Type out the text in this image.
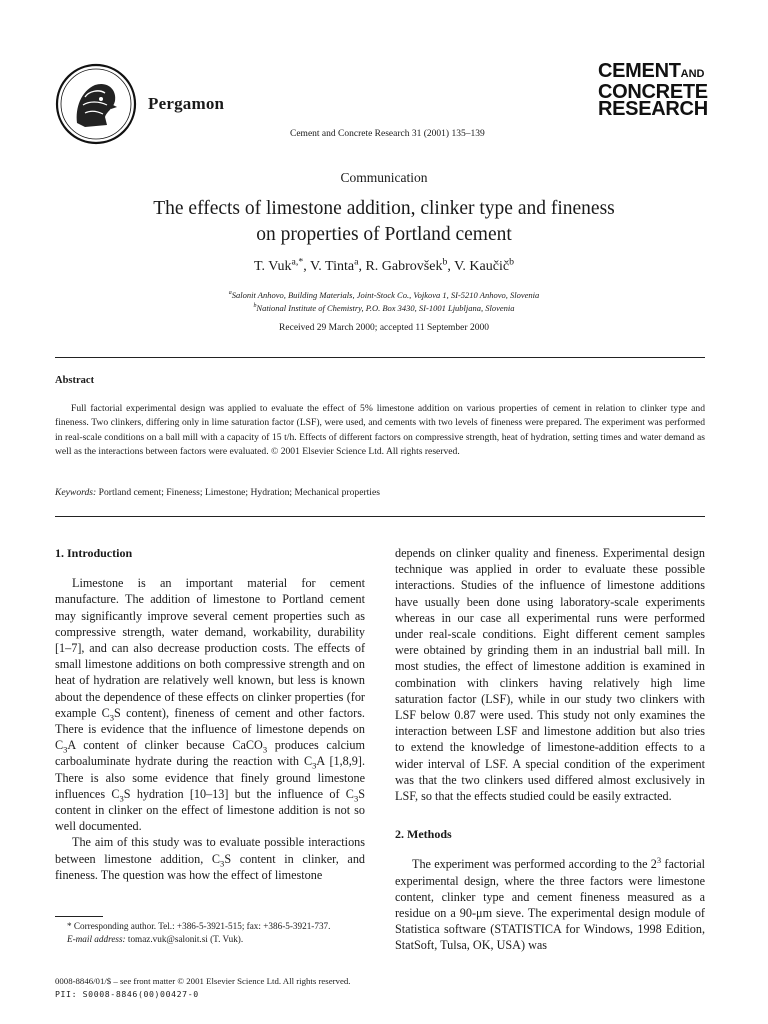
Pergamon
Cement and Concrete Research 31 (2001) 135–139
CEMENTAND
CONCRETE
RESEARCH
Communication
The effects of limestone addition, clinker type and fineness
on properties of Portland cement
T. Vuk$^{a,*}$, V. Tinta$^a$, R. Gabrovšek$^b$, V. Kaučič$^b$
$^a$Salonit Anhovo, Building Materials, Joint-Stock Co., Vojkova 1, SI-5210 Anhovo, Slovenia
$^b$National Institute of Chemistry, P.O. Box 3430, SI-1001 Ljubljana, Slovenia
Received 29 March 2000; accepted 11 September 2000
Abstract
Full factorial experimental design was applied to evaluate the effect of 5% limestone addition on various properties of cement in relation to clinker type and fineness. Two clinkers, differing only in lime saturation factor (LSF), were used, and cements with two levels of fineness were prepared. The experiment was performed in real-scale conditions on a ball mill with a capacity of 15 t/h. Effects of different factors on compressive strength, heat of hydration, setting times and water demand as well as the interactions between factors were evaluated. © 2001 Elsevier Science Ltd. All rights reserved.
Keywords: Portland cement; Fineness; Limestone; Hydration; Mechanical properties

1. Introduction

Limestone is an important material for cement manufacture. The addition of limestone to Portland cement may significantly improve several cement properties such as compressive strength, water demand, workability, durability [1–7], and can also decrease production costs. The effects of small limestone additions on both compressive strength and on heat of hydration are relatively well known, but less is known about the dependence of these effects on clinker properties (for example $C_3S$ content), fineness of cement and other factors. There is evidence that the influence of limestone depends on $C_3A$ content of clinker because CaCO$_3$ produces calcium carboaluminate hydrate during the reaction with $C_3A$ [1,8,9]. There is also some evidence that finely ground limestone influences $C_3S$ hydration [10–13] but the influence of $C_3S$ content in clinker on the effect of limestone addition is not so well documented.

The aim of this study was to evaluate possible interactions between limestone addition, $C_3S$ content in clinker, and fineness. The question was how the effect of limestone

depends on clinker quality and fineness. Experimental design technique was applied in order to evaluate these possible interactions. Studies of the influence of limestone additions have usually been done using laboratory-scale experiments whereas in our case all experimental runs were performed under real-scale conditions. Eight different cement samples were obtained by grinding them in an industrial ball mill. In most studies, the effect of limestone addition is examined in combination with clinkers having relatively high lime saturation factor (LSF), while in our study two clinkers with LSF below 0.87 were used. This study not only examines the interaction between LSF and limestone addition but also tries to extend the knowledge of limestone-addition effects to a wider interval of LSF. A special condition of the experiment was that the two clinkers used differed almost exclusively in LSF, so that the effects studied could be easily extracted.

2. Methods

The experiment was performed according to the $2^3$ factorial experimental design, where the three factors were limestone content, clinker type and cement fineness measured as a residue on a 90-μm sieve. The experimental design module of Statistica software (STATISTICA for Windows, 1998 Edition, StatSoft, Tulsa, OK, USA) was

* Corresponding author. Tel.: +386-5-3921-515; fax: +386-5-3921-737.
E-mail address: tomaz.vuk@salonit.si (T. Vuk).
0008-8846/01/$ – see front matter © 2001 Elsevier Science Ltd. All rights reserved.
PII: S0008-8846(00)00427-0
